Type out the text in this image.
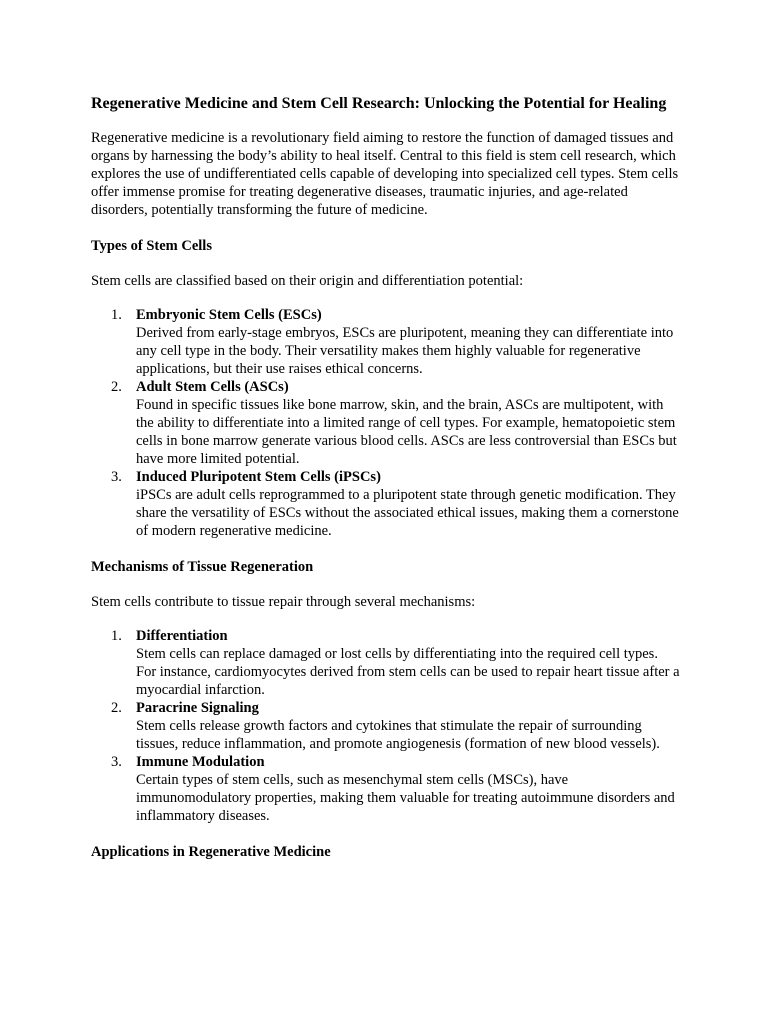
Regenerative Medicine and Stem Cell Research: Unlocking the Potential for Healing

Regenerative medicine is a revolutionary field aiming to restore the function of damaged tissues and organs by harnessing the body’s ability to heal itself. Central to this field is stem cell research, which explores the use of undifferentiated cells capable of developing into specialized cell types. Stem cells offer immense promise for treating degenerative diseases, traumatic injuries, and age-related disorders, potentially transforming the future of medicine.

Types of Stem Cells

Stem cells are classified based on their origin and differentiation potential:

1. Embryonic Stem Cells (ESCs)
Derived from early-stage embryos, ESCs are pluripotent, meaning they can differentiate into any cell type in the body. Their versatility makes them highly valuable for regenerative applications, but their use raises ethical concerns.
2. Adult Stem Cells (ASCs)
Found in specific tissues like bone marrow, skin, and the brain, ASCs are multipotent, with the ability to differentiate into a limited range of cell types. For example, hematopoietic stem cells in bone marrow generate various blood cells. ASCs are less controversial than ESCs but have more limited potential.
3. Induced Pluripotent Stem Cells (iPSCs)
iPSCs are adult cells reprogrammed to a pluripotent state through genetic modification. They share the versatility of ESCs without the associated ethical issues, making them a cornerstone of modern regenerative medicine.
Mechanisms of Tissue Regeneration

Stem cells contribute to tissue repair through several mechanisms:

1. Differentiation
Stem cells can replace damaged or lost cells by differentiating into the required cell types. For instance, cardiomyocytes derived from stem cells can be used to repair heart tissue after a myocardial infarction.
2. Paracrine Signaling
Stem cells release growth factors and cytokines that stimulate the repair of surrounding tissues, reduce inflammation, and promote angiogenesis (formation of new blood vessels).
3. Immune Modulation
Certain types of stem cells, such as mesenchymal stem cells (MSCs), have immunomodulatory properties, making them valuable for treating autoimmune disorders and inflammatory diseases.
Applications in Regenerative Medicine
